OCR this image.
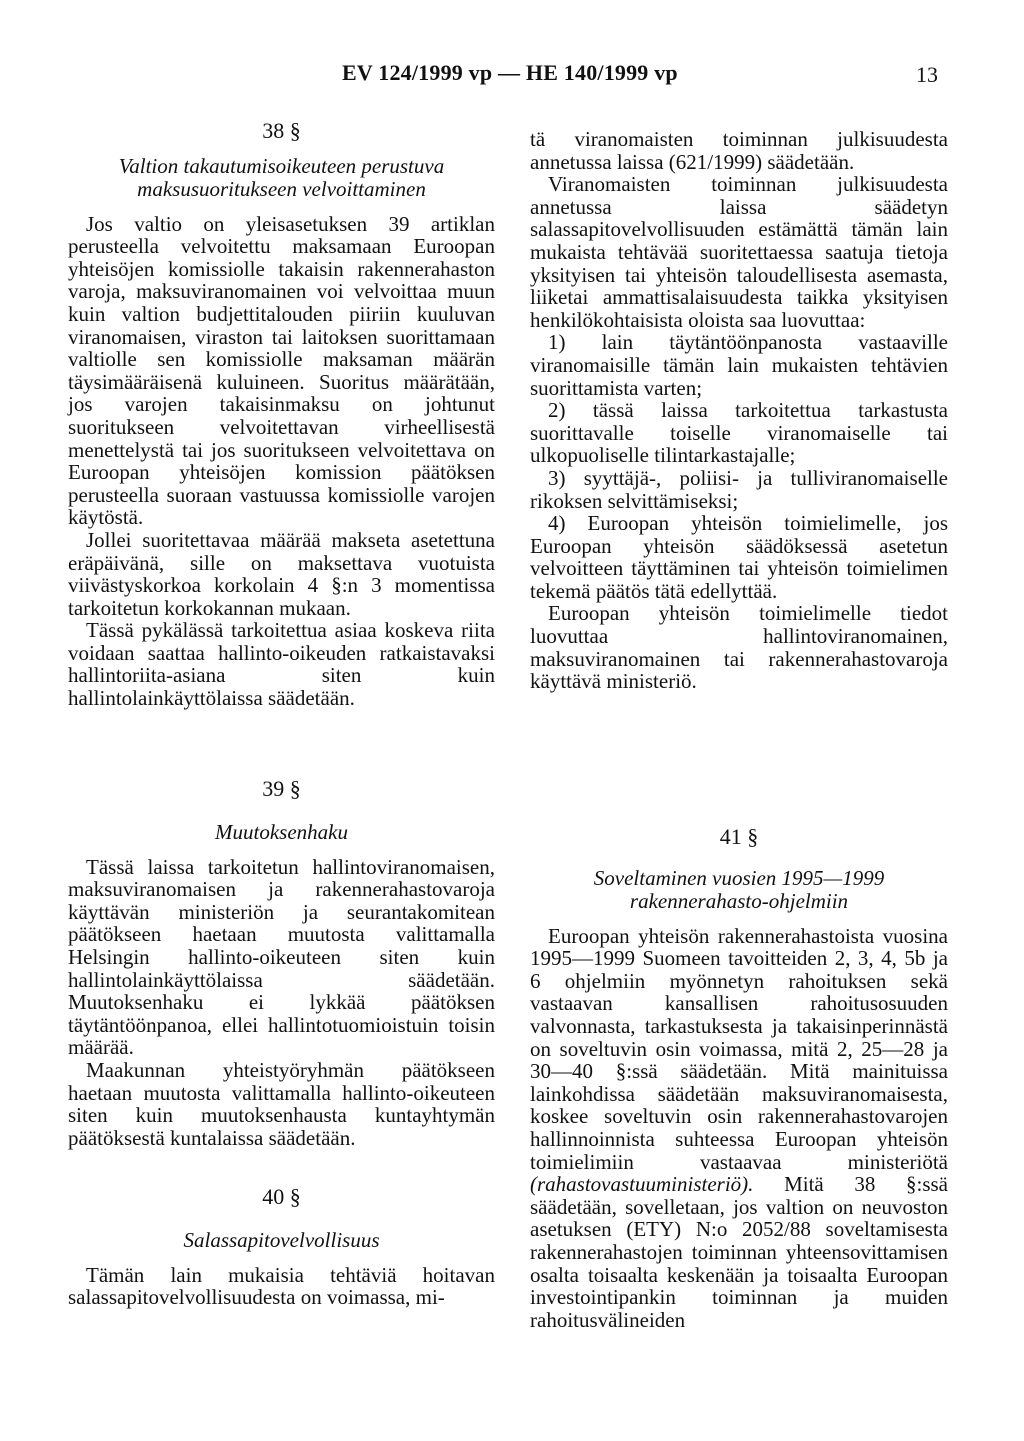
EV 124/1999 vp — HE 140/1999 vp	13

38 §

Valtion takautumisoikeuteen perustuva maksusuoritukseen velvoittaminen

Jos valtio on yleisasetuksen 39 artiklan perusteella velvoitettu maksamaan Euroopan yhteisöjen komissiolle takaisin rakennerahaston varoja, maksuviranomainen voi velvoittaa muun kuin valtion budjettitalouden piiriin kuuluvan viranomaisen, viraston tai laitoksen suorittamaan valtiolle sen komissiolle maksaman määrän täysimääräisenä kuluineen. Suoritus määrätään, jos varojen takaisinmaksu on johtunut suoritukseen velvoitettavan virheellisestä menettelystä tai jos suoritukseen velvoitettava on Euroopan yhteisöjen komission päätöksen perusteella suoraan vastuussa komissiolle varojen käytöstä.

Jollei suoritettavaa määrää makseta asetettuna eräpäivänä, sille on maksettava vuotuista viivästyskorkoa korkolain 4 §:n 3 momentissa tarkoitetun korkokannan mukaan.

Tässä pykälässä tarkoitettua asiaa koskeva riita voidaan saattaa hallinto-oikeuden ratkaistavaksi hallintoriita-asiana siten kuin hallintolainkäyttölaissa säädetään.

39 §

Muutoksenhaku

Tässä laissa tarkoitetun hallintoviranomaisen, maksuviranomaisen ja rakennerahastovaroja käyttävän ministeriön ja seurantakomitean päätökseen haetaan muutosta valittamalla Helsingin hallinto-oikeuteen siten kuin hallintolainkäyttölaissa säädetään. Muutoksenhaku ei lykkää päätöksen täytäntöönpanoa, ellei hallintotuomioistuin toisin määrää.

Maakunnan yhteistyöryhmän päätökseen haetaan muutosta valittamalla hallinto-oikeuteen siten kuin muutoksenhausta kuntayhtymän päätöksestä kuntalaissa säädetään.

40 §

Salassapitovelvollisuus

Tämän lain mukaisia tehtäviä hoitavan salassapitovelvollisuudesta on voimassa, mi-

tä viranomaisten toiminnan julkisuudesta annetussa laissa (621/1999) säädetään.

Viranomaisten toiminnan julkisuudesta annetussa laissa säädetyn salassapitovelvollisuuden estämättä tämän lain mukaista tehtävää suoritettaessa saatuja tietoja yksityisen tai yhteisön taloudellisesta asemasta, liiketai ammattisalaisuudesta taikka yksityisen henkilökohtaisista oloista saa luovuttaa:

1) lain täytäntöönpanosta vastaaville viranomaisille tämän lain mukaisten tehtävien suorittamista varten;

2) tässä laissa tarkoitettua tarkastusta suorittavalle toiselle viranomaiselle tai ulkopuoliselle tilintarkastajalle;

3) syyttäjä-, poliisi- ja tulliviranomaiselle rikoksen selvittämiseksi;

4) Euroopan yhteisön toimielimelle, jos Euroopan yhteisön säädöksessä asetetun velvoitteen täyttäminen tai yhteisön toimielimen tekemä päätös tätä edellyttää.

Euroopan yhteisön toimielimelle tiedot luovuttaa hallintoviranomainen, maksuviranomainen tai rakennerahastovaroja käyttävä ministeriö.

41 §

Soveltaminen vuosien 1995—1999 rakennerahasto-ohjelmiin

Euroopan yhteisön rakennerahastoista vuosina 1995—1999 Suomeen tavoitteiden 2, 3, 4, 5b ja 6 ohjelmiin myönnetyn rahoituksen sekä vastaavan kansallisen rahoitusosuuden valvonnasta, tarkastuksesta ja takaisinperinnästä on soveltuvin osin voimassa, mitä 2, 25—28 ja 30—40 §:ssä säädetään. Mitä mainituissa lainkohdissa säädetään maksuviranomaisesta, koskee soveltuvin osin rakennerahastovarojen hallinnoinnista suhteessa Euroopan yhteisön toimielimiin vastaavaa ministeriötä (rahastovastuuministeriö). Mitä 38 §:ssä säädetään, sovelletaan, jos valtion on neuvoston asetuksen (ETY) N:o 2052/88 soveltamisesta rakennerahastojen toiminnan yhteensovittamisen osalta toisaalta keskenään ja toisaalta Euroopan investointipankin toiminnan ja muiden rahoitusvälineiden
